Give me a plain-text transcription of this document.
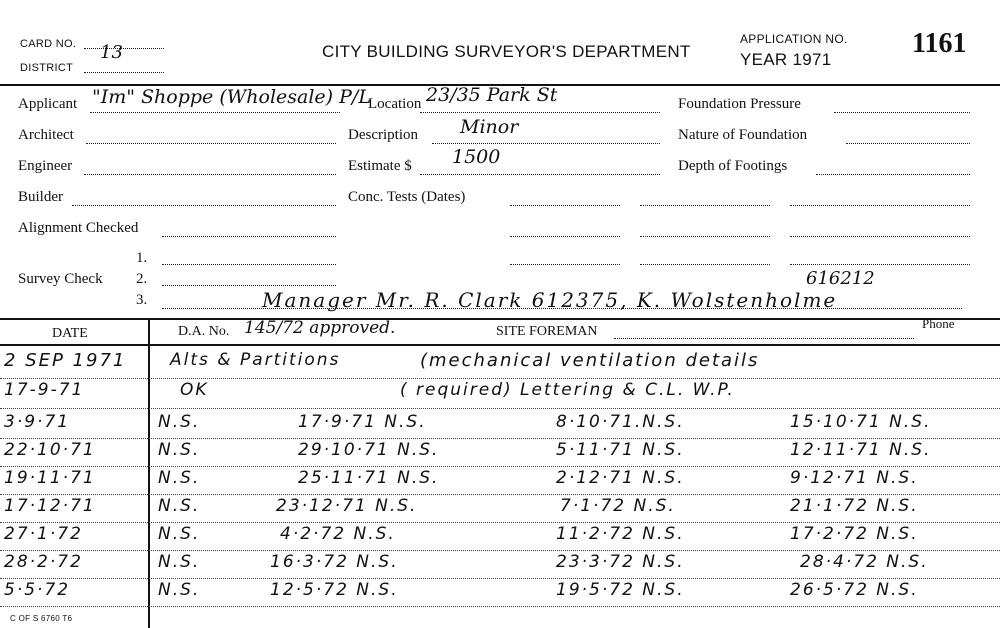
CARD NO. 13
DISTRICT
CITY BUILDING SURVEYOR'S DEPARTMENT
APPLICATION NO.
YEAR 1971
1161
Applicant "Im" Shoppe (Wholesale) P/L
Architect
Engineer
Builder
Alignment Checked
Survey Check
1.
2.
3.
Location 23/35 Park St
Description Minor
Estimate $ 1500
Conc. Tests (Dates)
Foundation Pressure
Nature of Foundation
Depth of Footings
616212
Manager Mr. R. Clark 612375, K. Wolstenholme
DATE	D.A. No. 145/72 approved.	SITE FOREMAN
Phone
2 SEP 1971	Alts & Partitions	(mechanical ventilation details
17-9-71	OK	( required) Lettering & C.L. W.P.
3·9·71	N.S.	17·9·71 N.S.	8·10·71.N.S.	15·10·71 N.S.
22·10·71	N.S.	29·10·71 N.S.	5·11·71 N.S.	12·11·71 N.S.
19·11·71	N.S.	25·11·71 N.S.	2·12·71 N.S.	9·12·71 N.S.
17·12·71	N.S.	23·12·71 N.S.	7·1·72 N.S.	21·1·72 N.S.
27·1·72	N.S.	4·2·72 N.S.	11·2·72 N.S.	17·2·72 N.S.
28·2·72	N.S.	16·3·72 N.S.	23·3·72 N.S.	28·4·72 N.S.
5·5·72	N.S.	12·5·72 N.S.	19·5·72 N.S.	26·5·72 N.S.
C OF S 6760 T6
